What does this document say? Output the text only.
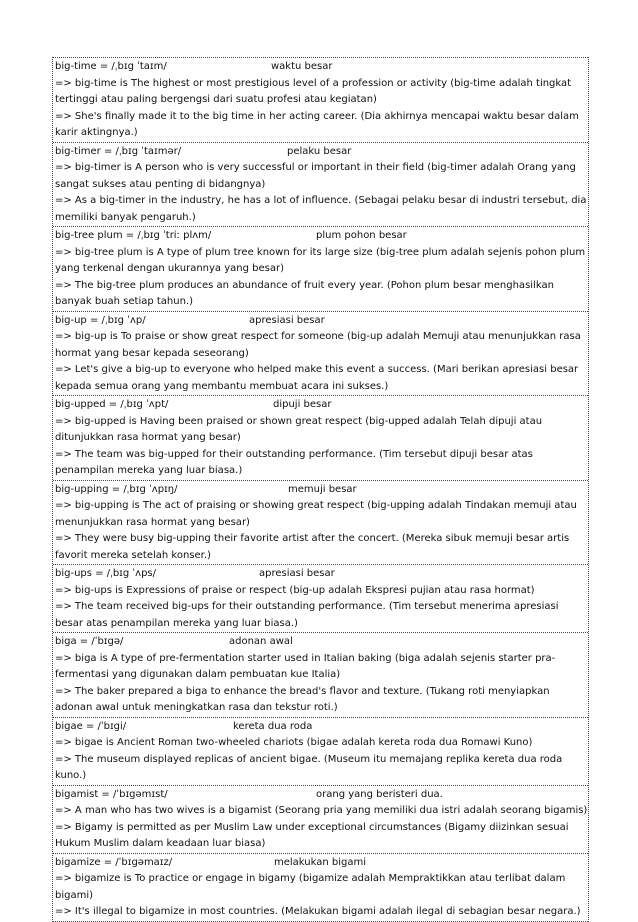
big-time = /ˌbɪg ˈtaɪm/	waktu besar
=> big-time is The highest or most prestigious level of a profession or activity (big-time adalah tingkat tertinggi atau paling bergengsi dari suatu profesi atau kegiatan)
=> She's finally made it to the big time in her acting career. (Dia akhirnya mencapai waktu besar dalam karir aktingnya.)
big-timer = /ˌbɪg ˈtaɪmər/	pelaku besar
=> big-timer is A person who is very successful or important in their field (big-timer adalah Orang yang sangat sukses atau penting di bidangnya)
=> As a big-timer in the industry, he has a lot of influence. (Sebagai pelaku besar di industri tersebut, dia memiliki banyak pengaruh.)
big-tree plum = /ˌbɪg ˈtriː plʌm/	plum pohon besar
=> big-tree plum is A type of plum tree known for its large size (big-tree plum adalah sejenis pohon plum yang terkenal dengan ukurannya yang besar)
=> The big-tree plum produces an abundance of fruit every year. (Pohon plum besar menghasilkan banyak buah setiap tahun.)
big-up = /ˌbɪg ˈʌp/	apresiasi besar
=> big-up is To praise or show great respect for someone (big-up adalah Memuji atau menunjukkan rasa hormat yang besar kepada seseorang)
=> Let's give a big-up to everyone who helped make this event a success. (Mari berikan apresiasi besar kepada semua orang yang membantu membuat acara ini sukses.)
big-upped = /ˌbɪg ˈʌpt/	dipuji besar
=> big-upped is Having been praised or shown great respect (big-upped adalah Telah dipuji atau ditunjukkan rasa hormat yang besar)
=> The team was big-upped for their outstanding performance. (Tim tersebut dipuji besar atas penampilan mereka yang luar biasa.)
big-upping = /ˌbɪg ˈʌpɪŋ/	memuji besar
=> big-upping is The act of praising or showing great respect (big-upping adalah Tindakan memuji atau menunjukkan rasa hormat yang besar)
=> They were busy big-upping their favorite artist after the concert. (Mereka sibuk memuji besar artis favorit mereka setelah konser.)
big-ups = /ˌbɪg ˈʌps/	apresiasi besar
=> big-ups is Expressions of praise or respect (big-up adalah Ekspresi pujian atau rasa hormat)
=> The team received big-ups for their outstanding performance. (Tim tersebut menerima apresiasi besar atas penampilan mereka yang luar biasa.)
biga = /ˈbɪgə/	adonan awal
=> biga is A type of pre-fermentation starter used in Italian baking (biga adalah sejenis starter pra-fermentasi yang digunakan dalam pembuatan kue Italia)
=> The baker prepared a biga to enhance the bread's flavor and texture. (Tukang roti menyiapkan adonan awal untuk meningkatkan rasa dan tekstur roti.)
bigae = /ˈbɪgi/	kereta dua roda
=> bigae is Ancient Roman two-wheeled chariots (bigae adalah kereta roda dua Romawi Kuno)
=> The museum displayed replicas of ancient bigae. (Museum itu memajang replika kereta dua roda kuno.)
bigamist = /ˈbɪgəmɪst/	orang yang beristeri dua.
=> A man who has two wives is a bigamist (Seorang pria yang memiliki dua istri adalah seorang bigamis)
=> Bigamy is permitted as per Muslim Law under exceptional circumstances (Bigamy diizinkan sesuai Hukum Muslim dalam keadaan luar biasa)
bigamize = /ˈbɪgəmaɪz/	melakukan bigami
=> bigamize is To practice or engage in bigamy (bigamize adalah Mempraktikkan atau terlibat dalam bigami)
=> It's illegal to bigamize in most countries. (Melakukan bigami adalah ilegal di sebagian besar negara.)
